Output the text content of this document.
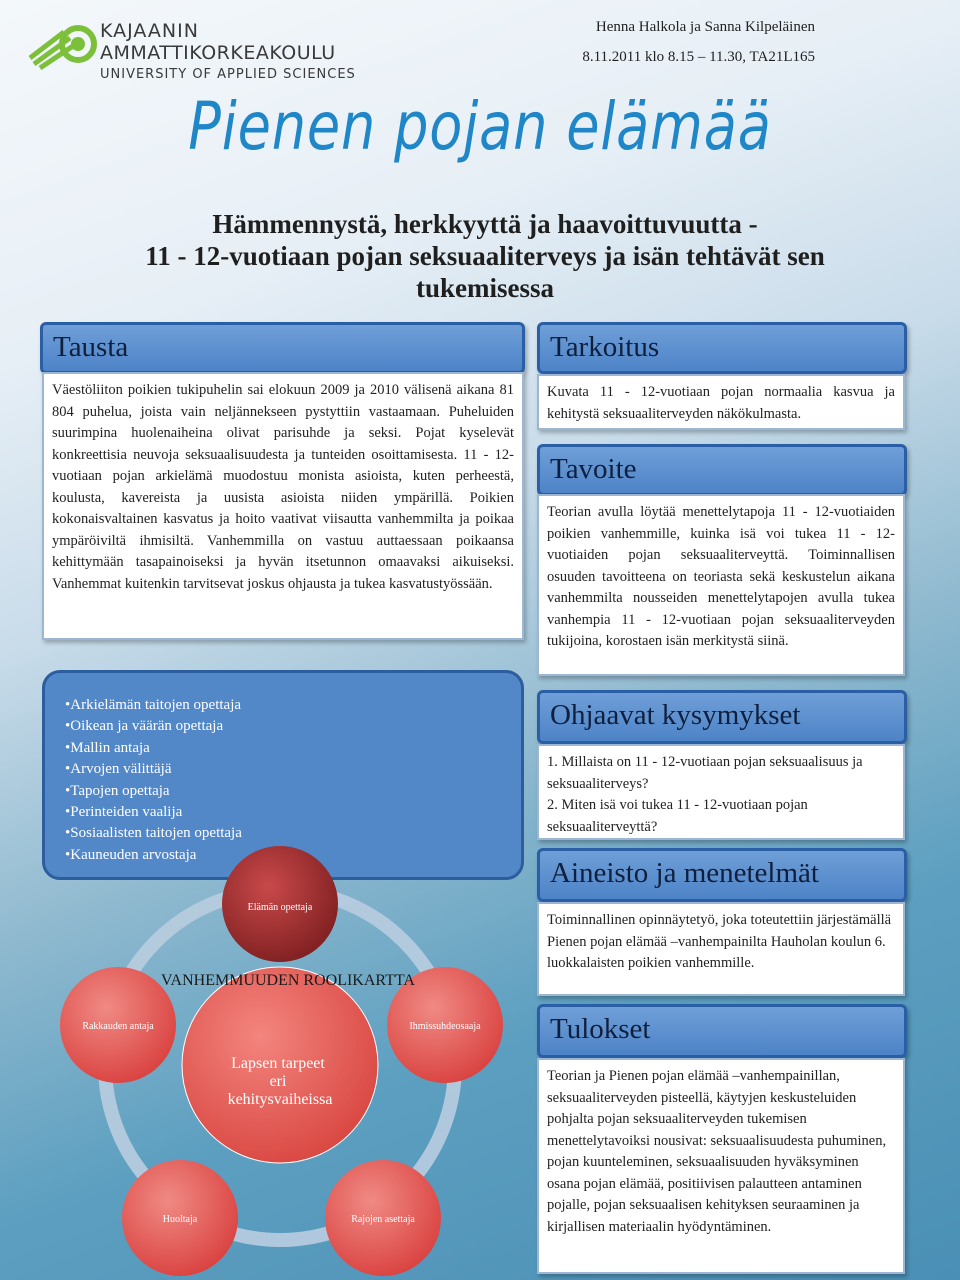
KAJAANIN
AMMATTIKORKEAKOULU
UNIVERSITY OF APPLIED SCIENCES
Henna Halkola ja Sanna Kilpeläinen
8.11.2011 klo 8.15 – 11.30, TA21L165
Pienen pojan elämää
Hämmennystä, herkkyyttä ja haavoittuvuutta -
11 - 12-vuotiaan pojan seksuaaliterveys ja isän tehtävät sen
tukemisessa
Tausta
Väestöliiton poikien tukipuhelin sai elokuun 2009 ja 2010 välisenä aikana 81 804 puhelua, joista vain neljännekseen pystyttiin vastaamaan. Puheluiden suurimpina huolenaiheina olivat parisuhde ja seksi. Pojat kyselevät konkreettisia neuvoja seksuaalisuudesta ja tunteiden osoittamisesta. 11 - 12-vuotiaan pojan arkielämä muodostuu monista asioista, kuten perheestä, koulusta, kavereista ja uusista asioista niiden ympärillä. Poikien kokonaisvaltainen kasvatus ja hoito vaativat viisautta vanhemmilta ja poikaa ympäröiviltä ihmisiltä. Vanhemmilla on vastuu auttaessaan poikaansa kehittymään tasapainoiseksi ja hyvän itsetunnon omaavaksi aikuiseksi. Vanhemmat kuitenkin tarvitsevat joskus ohjausta ja tukea kasvatustyössään.
• Arkielämän taitojen opettaja
• Oikean ja väärän opettaja
• Mallin antaja
• Arvojen välittäjä
• Tapojen opettaja
• Perinteiden vaalija
• Sosiaalisten taitojen opettaja
• Kauneuden arvostaja
Lapsen tarpeet eri kehitysvaiheissa
Elämän opettaja
Ihmissuhdeosaaja
Rajojen asettaja
Huoltaja
Rakkauden antaja
VANHEMMUUDEN ROOLIKARTTA
Tarkoitus
Kuvata 11 - 12-vuotiaan pojan normaalia kasvua ja kehitystä seksuaaliterveyden näkökulmasta.
Tavoite
Teorian avulla löytää menettelytapoja 11 - 12-vuotiaiden poikien vanhemmille, kuinka isä voi tukea 11 - 12-vuotiaiden pojan seksuaaliterveyttä. Toiminnallisen osuuden tavoitteena on teoriasta sekä keskustelun aikana vanhemmilta nousseiden menettelytapojen avulla tukea vanhempia 11 - 12-vuotiaan pojan seksuaaliterveyden tukijoina, korostaen isän merkitystä siinä.
Ohjaavat kysymykset
1. Millaista on 11 - 12-vuotiaan pojan seksuaalisuus ja seksuaaliterveys?
2. Miten isä voi tukea 11 - 12-vuotiaan pojan seksuaaliterveyttä?
Aineisto ja menetelmät
Toiminnallinen opinnäytetyö, joka toteutettiin järjestämällä Pienen pojan elämää –vanhempainilta Hauholan koulun 6. luokkalaisten poikien vanhemmille.
Tulokset
Teorian ja Pienen pojan elämää –vanhempainillan, seksuaaliterveyden pisteellä, käytyjen keskusteluiden pohjalta pojan seksuaaliterveyden tukemisen menettelytavoiksi nousivat: seksuaalisuudesta puhuminen, pojan kuunteleminen, seksuaalisuuden hyväksyminen osana pojan elämää, positiivisen palautteen antaminen pojalle, pojan seksuaalisen kehityksen seuraaminen ja kirjallisen materiaalin hyödyntäminen.
